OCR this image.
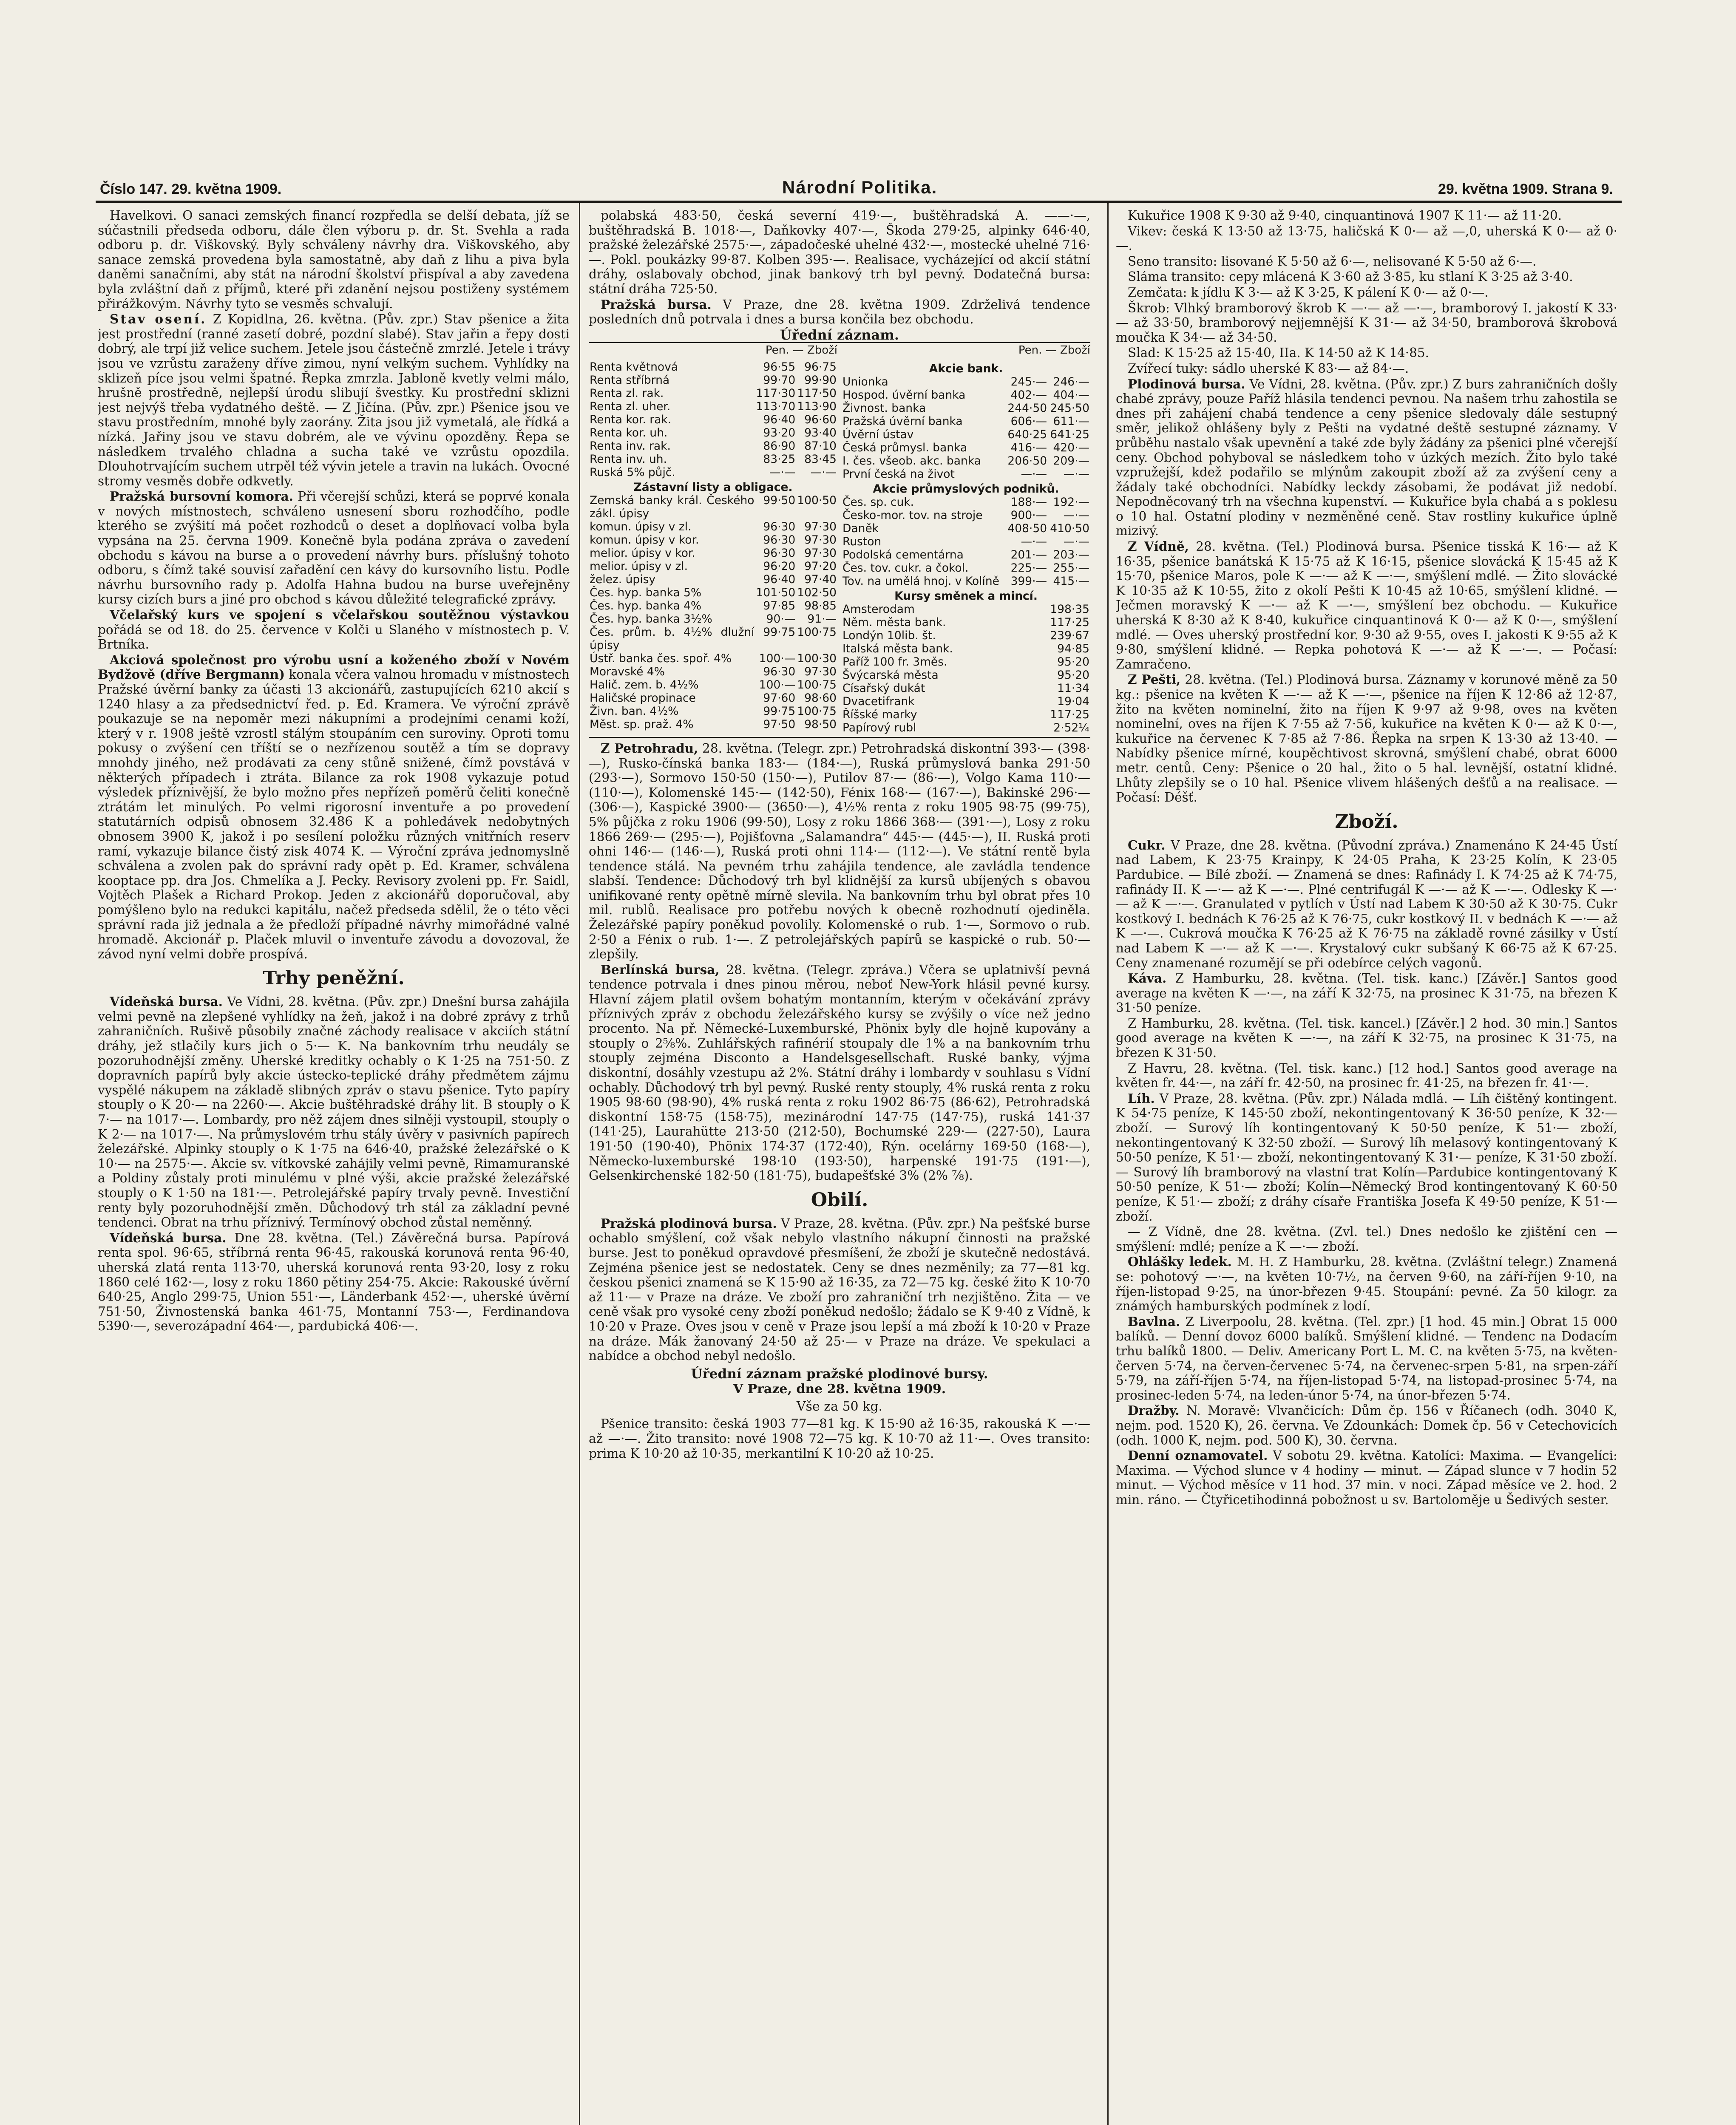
Číslo 147. 29. května 1909.	Národní Politika.	29. května 1909. Strana 9.

Havelkovi. O sanaci zemských financí rozpředla se delší debata, jíž se súčastnili předseda odboru, dále člen výboru p. dr. St. Svehla a rada odboru p. dr. Viškovský. Byly schváleny návrhy dra. Viškovského, aby sanace zemská provedena byla samostatně, aby daň z lihu a piva byla daněmi sanačními, aby stát na národní školství přispíval a aby zavedena byla zvláštní daň z příjmů, které při zdanění nejsou postiženy systémem přirážkovým. Návrhy tyto se vesměs schvalují.

Stav osení. Z Kopidlna, 26. května. (Pův. zpr.) Stav pšenice a žita jest prostřední (ranné zasetí dobré, pozdní slabé). Stav jařin a řepy dosti dobrý, ale trpí již velice suchem. Jetele jsou částečně zmrzlé. Jetele i trávy jsou ve vzrůstu zaraženy dříve zimou, nyní velkým suchem. Vyhlídky na sklizeň píce jsou velmi špatné. Řepka zmrzla. Jabloně kvetly velmi málo, hrušně prostředně, nejlepší úrodu slibují švestky. Ku prostřední sklizni jest nejvýš třeba vydatného deště. — Z Jičína. (Pův. zpr.) Pšenice jsou ve stavu prostředním, mnohé byly zaorány. Žita jsou již vymetalá, ale řídká a nízká. Jařiny jsou ve stavu dobrém, ale ve vývinu opozděny. Řepa se následkem trvalého chladna a sucha také ve vzrůstu opozdila. Dlouhotrvajícím suchem utrpěl též vývin jetele a travin na lukách. Ovocné stromy vesměs dobře odkvetly.

Pražská bursovní komora. Při včerejší schůzi, která se poprvé konala v nových místnostech, schváleno usnesení sboru rozhodčího, podle kterého se zvýšití má počet rozhodců o deset a doplňovací volba byla vypsána na 25. června 1909. Konečně byla podána zpráva o zavedení obchodu s kávou na burse a o provedení návrhy burs. příslušný tohoto odboru, s čímž také souvisí zařadění cen kávy do kursovního listu. Podle návrhu bursovního rady p. Adolfa Hahna budou na burse uveřejněny kursy cizích burs a jiné pro obchod s kávou důležité telegrafické zprávy.

Včelařský kurs ve spojení s včelařskou soutěžnou výstavkou pořádá se od 18. do 25. července v Kolči u Slaného v místnostech p. V. Brtníka.

Akciová společnost pro výrobu usní a koženého zboží v Novém Bydžově (dříve Bergmann) konala včera valnou hromadu v místnostech Pražské úvěrní banky za účasti 13 akcionářů, zastupujících 6210 akcií s 1240 hlasy a za předsednictví řed. p. Ed. Kramera. Ve výroční zprávě poukazuje se na nepoměr mezi nákupními a prodejními cenami koží, který v r. 1908 ještě vzrostl stálým stoupáním cen suroviny. Oproti tomu pokusy o zvýšení cen tříští se o nezřízenou soutěž a tím se dopravy mnohdy jiného, než prodávati za ceny stůně snižené, čímž povstává v některých případech i ztráta. Bilance za rok 1908 vykazuje potud výsledek příznivější, že bylo možno přes nepřízeň poměrů čeliti konečně ztrátám let minulých. Po velmi rigorosní inventuře a po provedení statutárních odpisů obnosem 32.486 K a pohledávek nedobytných obnosem 3900 K, jakož i po sesílení položku různých vnitřních reserv ramí, vykazuje bilance čistý zisk 4074 K. — Výroční zpráva jednomyslně schválena a zvolen pak do správní rady opět p. Ed. Kramer, schválena kooptace pp. dra Jos. Chmelíka a J. Pecky. Revisory zvoleni pp. Fr. Saidl, Vojtěch Plašek a Richard Prokop. Jeden z akcionářů doporučoval, aby pomýšleno bylo na redukci kapitálu, načež předseda sdělil, že o této věci správní rada již jednala a že předloží případné návrhy mimořádné valné hromadě. Akcionář p. Plaček mluvil o inventuře závodu a dovozoval, že závod nyní velmi dobře prospívá.

Trhy peněžní.

Vídeňská bursa. Ve Vídni, 28. května. (Pův. zpr.) Dnešní bursa zahájila velmi pevně na zlepšené vyhlídky na žeň, jakož i na dobré zprávy z trhů zahraničních. Rušivě působily značné záchody realisace v akciích státní dráhy, jež stlačily kurs jich o 5·— K. Na bankovním trhu neudály se pozoruhodnější změny. Uherské kreditky ochably o K 1·25 na 751·50. Z dopravních papírů byly akcie ústecko-teplické dráhy předmětem zájmu vyspělé nákupem na základě slibných zpráv o stavu pšenice. Tyto papíry stouply o K 20·— na 2260·—. Akcie buštěhradské dráhy lit. B stouply o K 7·— na 1017·—. Lombardy, pro něž zájem dnes silněji vystoupil, stouply o K 2·— na 1017·—. Na průmyslovém trhu stály úvěry v pasivních papírech železářské. Alpinky stouply o K 1·75 na 646·40, pražské železářské o K 10·— na 2575·—. Akcie sv. vítkovské zahájily velmi pevně, Rimamuranské a Poldiny zůstaly proti minulému v plné výši, akcie pražské železářské stouply o K 1·50 na 181·—. Petrolejářské papíry trvaly pevně. Investiční renty byly pozoruhodnější změn. Důchodový trh stál za základní pevné tendenci. Obrat na trhu příznivý. Termínový obchod zůstal neměnný.

Vídeňská bursa. Dne 28. května. (Tel.) Závěrečná bursa. Papírová renta spol. 96·65, stříbrná renta 96·45, rakouská korunová renta 96·40, uherská zlatá renta 113·70, uherská korunová renta 93·20, losy z roku 1860 celé 162·—, losy z roku 1860 pětiny 254·75. Akcie: Rakouské úvěrní 640·25, Anglo 299·75, Union 551·—, Länderbank 452·—, uherské úvěrní 751·50, Živnostenská banka 461·75, Montanní 753·—, Ferdinandova 5390·—, severozápadní 464·—, pardubická 406·—.

polabská 483·50, česká severní 419·—, buštěhradská A. ——·—, buštěhradská B. 1018·—, Daňkovky 407·—, Škoda 279·25, alpinky 646·40, pražské železářské 2575·—, západočeské uhelné 432·—, mostecké uhelné 716·—. Pokl. poukázky 99·87. Kolben 395·—. Realisace, vycházející od akcií státní dráhy, oslabovaly obchod, jinak bankový trh byl pevný. Dodatečná bursa: státní dráha 725·50.

Pražská bursa. V Praze, dne 28. května 1909. Zdrželivá tendence posledních dnů potrvala i dnes a bursa končila bez obchodu.

Úřední záznam.
Pen. — Zboží
Renta květnová	96·55	96·75
Renta stříbrná	99·70	99·90
Renta zl. rak.	117·30	117·50
Renta zl. uher.	113·70	113·90
Renta kor. rak.	96·40	96·60
Renta kor. uh.	93·20	93·40
Renta inv. rak.	86·90	87·10
Renta inv. uh.	83·25	83·45
Ruská 5% půjč.	—·—	—·—
Zástavní listy a obligace.		
Zemská banky král. Českého zákl. úpisy	99·50	100·50
komun. úpisy v zl.	96·30	97·30
komun. úpisy v kor.	96·30	97·30
melior. úpisy v kor.	96·30	97·30
melior. úpisy v zl.	96·20	97·20
želez. úpisy	96·40	97·40
Čes. hyp. banka 5%	101·50	102·50
Čes. hyp. banka 4%	97·85	98·85
Čes. hyp. banka 3½%	90·—	91·—
Čes. prům. b. 4½% dlužní úpisy	99·75	100·75
Ústř. banka čes. spoř. 4%	100·—	100·30
Moravské 4%	96·30	97·30
Halič. zem. b. 4½%	100·—	100·75
Haličské propinace	97·60	98·60
Živn. ban. 4½%	99·75	100·75
Měst. sp. praž. 4%	97·50	98·50
Pen. — Zboží
Akcie bank.		
Unionka	245·—	246·—
Hospod. úvěrní banka	402·—	404·—
Živnost. banka	244·50	245·50
Pražská úvěrní banka	606·—	611·—
Úvěrní ústav	640·25	641·25
Česká průmysl. banka	416·—	420·—
I. čes. všeob. akc. banka	206·50	209·—
První česká na život	—·—	—·—
Akcie průmyslových podniků.		
Čes. sp. cuk.	188·—	192·—
Česko-mor. tov. na stroje	900·—	—·—
Daněk	408·50	410·50
Ruston	—·—	—·—
Podolská cementárna	201·—	203·—
Čes. tov. cukr. a čokol.	225·—	255·—
Tov. na umělá hnoj. v Kolíně	399·—	415·—
Kursy směnek a mincí.		
Amsterodam		198·35
Něm. města bank.		117·25
Londýn 10lib. št.		239·67
Italská města bank.		94·85
Paříž 100 fr. 3měs.		95·20
Švýcarská města		95·20
Císařský dukát		11·34
Dvacetifrank		19·04
Říšské marky		117·25
Papírový rubl		2·52¼

Z Petrohradu, 28. května. (Telegr. zpr.) Petrohradská diskontní 393·— (398·—), Rusko-čínská banka 183·— (184·—), Ruská průmyslová banka 291·50 (293·—), Sormovo 150·50 (150·—), Putilov 87·— (86·—), Volgo Kama 110·— (110·—), Kolomenské 145·— (142·50), Fénix 168·— (167·—), Bakinské 296·— (306·—), Kaspické 3900·— (3650·—), 4½% renta z roku 1905 98·75 (99·75), 5% půjčka z roku 1906 (99·50), Losy z roku 1866 368·— (391·—), Losy z roku 1866 269·— (295·—), Pojišťovna „Salamandra“ 445·— (445·—), II. Ruská proti ohni 146·— (146·—), Ruská proti ohni 114·— (112·—). Ve státní rentě byla tendence stálá. Na pevném trhu zahájila tendence, ale zavládla tendence slabší. Tendence: Důchodový trh byl klidnější za kursů ubíjených s obavou unifikované renty opětně mírně slevila. Na bankovním trhu byl obrat přes 10 mil. rublů. Realisace pro potřebu nových k obecně rozhodnutí ojediněla. Železářské papíry poněkud povolily. Kolomenské o rub. 1·—, Sormovo o rub. 2·50 a Fénix o rub. 1·—. Z petrolejářských papírů se kaspické o rub. 50·— zlepšily.

Berlínská bursa, 28. května. (Telegr. zpráva.) Včera se uplatnivší pevná tendence potrvala i dnes pinou měrou, neboť New-York hlásil pevné kursy. Hlavní zájem platil ovšem bohatým montanním, kterým v očekávání zprávy příznivých zpráv z obchodu železářského kursy se zvýšily o více než jedno procento. Na př. Německé-Luxemburské, Phönix byly dle hojně kupovány a stouply o 2⅝%. Zuhlářských rafinérií stoupaly dle 1% a na bankovním trhu stouply zejména Disconto a Handelsgesellschaft. Ruské banky, výjma diskontní, dosáhly vzestupu až 2%. Státní dráhy i lombardy v souhlasu s Vídní ochably. Důchodový trh byl pevný. Ruské renty stouply, 4% ruská renta z roku 1905 98·60 (98·90), 4% ruská renta z roku 1902 86·75 (86·62), Petrohradská diskontní 158·75 (158·75), mezinárodní 147·75 (147·75), ruská 141·37 (141·25), Laurahütte 213·50 (212·50), Bochumské 229·— (227·50), Laura 191·50 (190·40), Phönix 174·37 (172·40), Rýn. ocelárny 169·50 (168·—), Německo-luxemburské 198·10 (193·50), harpenské 191·75 (191·—), Gelsenkirchenské 182·50 (181·75), budapešťské 3% (2% ⅞).

Obilí.

Pražská plodinová bursa. V Praze, 28. května. (Pův. zpr.) Na pešťské burse ochablo smýšlení, což však nebylo vlastního nákupní činnosti na pražské burse. Jest to poněkud opravdové přesmíšení, že zboží je skutečně nedostává. Zejména pšenice jest se nedostatek. Ceny se dnes nezměnily; za 77—81 kg. českou pšenici znamená se K 15·90 až 16·35, za 72—75 kg. české žito K 10·70 až 11·— v Praze na dráze. Ve zboží pro zahraniční trh nezjištěno. Žita — ve ceně však pro vysoké ceny zboží poněkud nedošlo; žádalo se K 9·40 z Vídně, k 10·20 v Praze. Oves jsou v ceně v Praze jsou lepší a má zboží k 10·20 v Praze na dráze. Mák žanovaný 24·50 až 25·— v Praze na dráze. Ve spekulaci a nabídce a obchod nebyl nedošlo.

Úřední záznam pražské plodinové bursy.
V Praze, dne 28. května 1909.
Vše za 50 kg.

Pšenice transito: česká 1903 77—81 kg. K 15·90 až 16·35, rakouská K —·— až —·—. Žito transito: nové 1908 72—75 kg. K 10·70 až 11·—. Oves transito: prima K 10·20 až 10·35, merkantilní K 10·20 až 10·25.

Kukuřice 1908 K 9·30 až 9·40, cinquantinová 1907 K 11·— až 11·20.

Vikev: česká K 13·50 až 13·75, haličská K 0·— až —,0, uherská K 0·— až 0·—.

Seno transito: lisované K 5·50 až 6·—, nelisované K 5·50 až 6·—.

Sláma transito: cepy mlácená K 3·60 až 3·85, ku stlaní K 3·25 až 3·40.

Zemčata: k jídlu K 3·— až K 3·25, K pálení K 0·— až 0·—.

Škrob: Vlhký bramborový škrob K —·— až —·—, bramborový I. jakostí K 33·— až 33·50, bramborový nejjemnější K 31·— až 34·50, bramborová škrobová moučka K 34·— až 34·50.

Slad: K 15·25 až 15·40, IIa. K 14·50 až K 14·85.

Zvířecí tuky: sádlo uherské K 83·— až 84·—.

Plodinová bursa. Ve Vídni, 28. května. (Pův. zpr.) Z burs zahraničních došly chabé zprávy, pouze Paříž hlásila tendenci pevnou. Na našem trhu zahostila se dnes při zahájení chabá tendence a ceny pšenice sledovaly dále sestupný směr, jelikož ohlášeny byly z Pešti na vydatné deště sestupné záznamy. V průběhu nastalo však upevnění a také zde byly žádány za pšenici plné včerejší ceny. Obchod pohyboval se následkem toho v úzkých mezích. Žito bylo také vzpružejší, kdež podařilo se mlýnům zakoupit zboží až za zvýšení ceny a žádaly také obchodníci. Nabídky leckdy zásobami, že podávat již nedobí. Nepodněcovaný trh na všechna kupenství. — Kukuřice byla chabá a s poklesu o 10 hal. Ostatní plodiny v nezměněné ceně. Stav rostliny kukuřice úplně mizivý.

Z Vídně, 28. května. (Tel.) Plodinová bursa. Pšenice tisská K 16·— až K 16·35, pšenice banátská K 15·75 až K 16·15, pšenice slovácká K 15·45 až K 15·70, pšenice Maros, pole K —·— až K —·—, smýšlení mdlé. — Žito slovácké K 10·35 až K 10·55, žito z okolí Pešti K 10·45 až 10·65, smýšlení klidné. — Ječmen moravský K —·— až K —·—, smýšlení bez obchodu. — Kukuřice uherská K 8·30 až K 8·40, kukuřice cinquantinová K 0·— až K 0·—, smýšlení mdlé. — Oves uherský prostřední kor. 9·30 až 9·55, oves I. jakosti K 9·55 až K 9·80, smýšlení klidné. — Repka pohotová K —·— až K —·—. — Počasí: Zamračeno.

Z Pešti, 28. května. (Tel.) Plodinová bursa. Záznamy v korunové měně za 50 kg.: pšenice na květen K —·— až K —·—, pšenice na říjen K 12·86 až 12·87, žito na květen nominelní, žito na říjen K 9·97 až 9·98, oves na květen nominelní, oves na říjen K 7·55 až 7·56, kukuřice na květen K 0·— až K 0·—, kukuřice na červenec K 7·85 až 7·86. Řepka na srpen K 13·30 až 13·40. — Nabídky pšenice mírné, koupěchtivost skrovná, smýšlení chabé, obrat 6000 metr. centů. Ceny: Pšenice o 20 hal., žito o 5 hal. levnější, ostatní klidné. Lhůty zlepšily se o 10 hal. Pšenice vlivem hlášených dešťů a na realisace. — Počasí: Déšť.

Zboží.

Cukr. V Praze, dne 28. května. (Původní zpráva.) Znamenáno K 24·45 Ústí nad Labem, K 23·75 Krainpy, K 24·05 Praha, K 23·25 Kolín, K 23·05 Pardubice. — Bílé zboží. — Znamená se dnes: Rafinády I. K 74·25 až K 74·75, rafinády II. K —·— až K —·—. Plné centrifugál K —·— až K —·—. Odlesky K —·— až K —·—. Granulated v pytlích v Ústí nad Labem K 30·50 až K 30·75. Cukr kostkový I. bednách K 76·25 až K 76·75, cukr kostkový II. v bednách K —·— až K —·—. Cukrová moučka K 76·25 až K 76·75 na základě rovné zásilky v Ústí nad Labem K —·— až K —·—. Krystalový cukr subšaný K 66·75 až K 67·25. Ceny znamenané rozumějí se při odebírce celých vagonů.

Káva. Z Hamburku, 28. května. (Tel. tisk. kanc.) [Závěr.] Santos good average na květen K —·—, na září K 32·75, na prosinec K 31·75, na březen K 31·50 peníze.

Z Hamburku, 28. května. (Tel. tisk. kancel.) [Závěr.] 2 hod. 30 min.] Santos good average na květen K —·—, na září K 32·75, na prosinec K 31·75, na březen K 31·50.

Z Havru, 28. května. (Tel. tisk. kanc.) [12 hod.] Santos good average na květen fr. 44·—, na září fr. 42·50, na prosinec fr. 41·25, na březen fr. 41·—.

Líh. V Praze, 28. května. (Pův. zpr.) Nálada mdlá. — Líh čištěný kontingent. K 54·75 peníze, K 145·50 zboží, nekontingentovaný K 36·50 peníze, K 32·— zboží. — Surový líh kontingentovaný K 50·50 peníze, K 51·— zboží, nekontingentovaný K 32·50 zboží. — Surový líh melasový kontingentovaný K 50·50 peníze, K 51·— zboží, nekontingentovaný K 31·— peníze, K 31·50 zboží. — Surový líh bramborový na vlastní trat Kolín—Pardubice kontingentovaný K 50·50 peníze, K 51·— zboží; Kolín—Německý Brod kontingentovaný K 60·50 peníze, K 51·— zboží; z dráhy císaře Františka Josefa K 49·50 peníze, K 51·— zboží.

— Z Vídně, dne 28. května. (Zvl. tel.) Dnes nedošlo ke zjištění cen — smýšlení: mdlé; peníze a K —·— zboží.

Ohlášky ledek. M. H. Z Hamburku, 28. května. (Zvláštní telegr.) Znamená se: pohotový —·—, na květen 10·7½, na červen 9·60, na září-říjen 9·10, na říjen-listopad 9·25, na únor-březen 9·45. Stoupání: pevné. Za 50 kilogr. za známých hamburských podmínek z lodí.

Bavlna. Z Liverpoolu, 28. května. (Tel. zpr.) [1 hod. 45 min.] Obrat 15 000 balíků. — Denní dovoz 6000 balíků. Smýšlení klidné. — Tendenc na Dodacím trhu balíků 1800. — Deliv. Americany Port L. M. C. na květen 5·75, na květen-červen 5·74, na červen-červenec 5·74, na červenec-srpen 5·81, na srpen-září 5·79, na září-říjen 5·74, na říjen-listopad 5·74, na listopad-prosinec 5·74, na prosinec-leden 5·74, na leden-únor 5·74, na únor-březen 5·74.

Dražby. N. Moravě: Vlvančicích: Dům čp. 156 v Říčanech (odh. 3040 K, nejm. pod. 1520 K), 26. června. Ve Zdounkách: Domek čp. 56 v Cetechovicích (odh. 1000 K, nejm. pod. 500 K), 30. června.

Denní oznamovatel. V sobotu 29. května. Katolíci: Maxima. — Evangelíci: Maxima. — Východ slunce v 4 hodiny — minut. — Západ slunce v 7 hodin 52 minut. — Východ měsíce v 11 hod. 37 min. v noci. Západ měsíce ve 2. hod. 2 min. ráno. — Čtyřicetihodinná pobožnost u sv. Bartoloměje u Šedivých sester.
